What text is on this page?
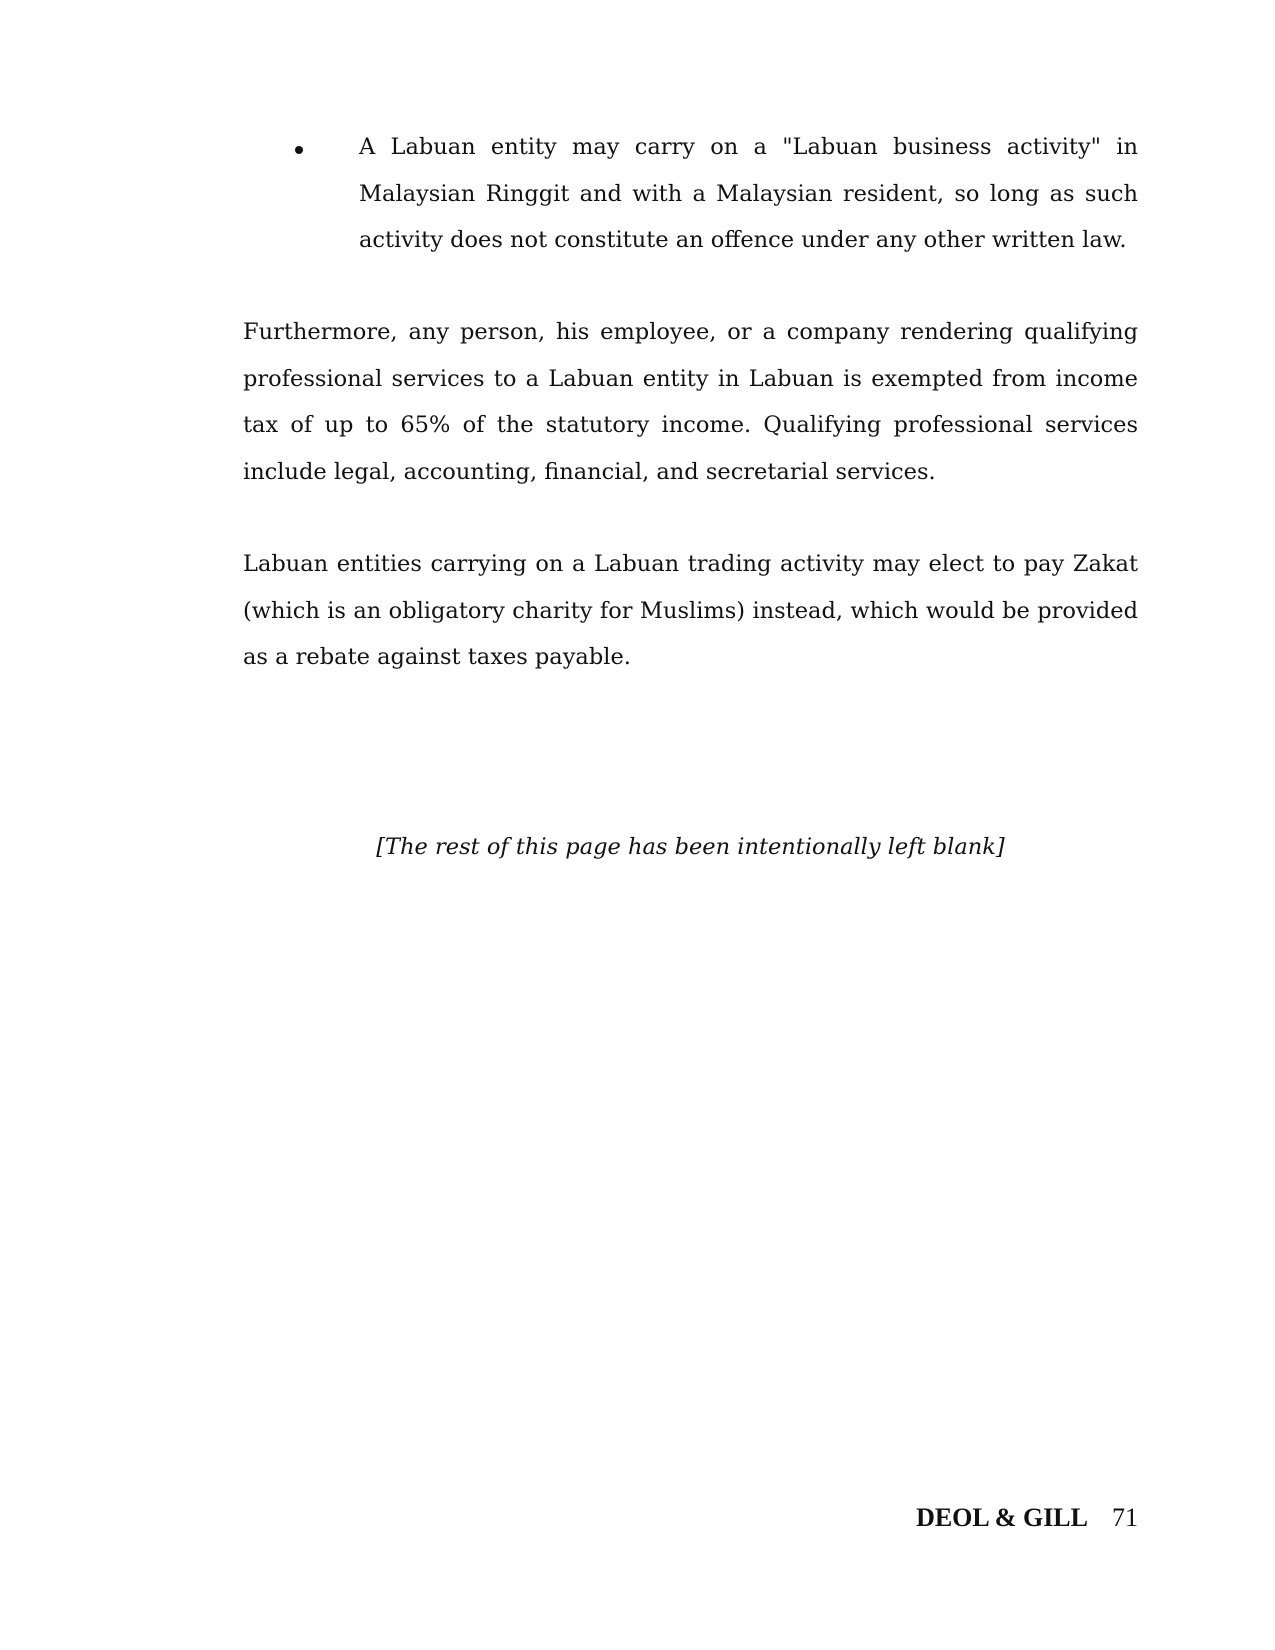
A Labuan entity may carry on a "Labuan business activity" in Malaysian Ringgit and with a Malaysian resident, so long as such activity does not constitute an offence under any other written law.

Furthermore, any person, his employee, or a company rendering qualifying professional services to a Labuan entity in Labuan is exempted from income tax of up to 65% of the statutory income. Qualifying professional services include legal, accounting, financial, and secretarial services.

Labuan entities carrying on a Labuan trading activity may elect to pay Zakat (which is an obligatory charity for Muslims) instead, which would be provided as a rebate against taxes payable.

[The rest of this page has been intentionally left blank]

DEOL & GILL 71
